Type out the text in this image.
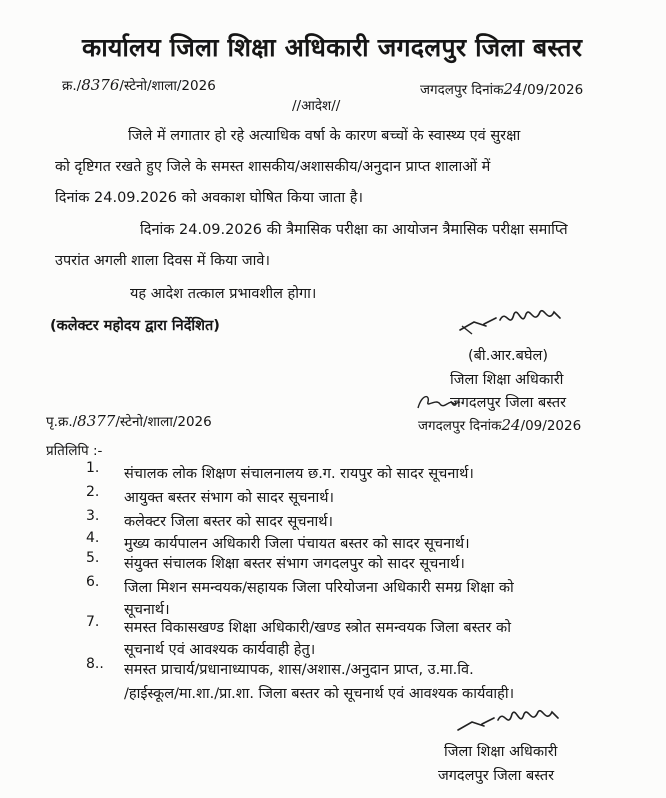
कार्यालय जिला शिक्षा अधिकारी जगदलपुर जिला बस्तर
क्र./8376/स्टेनो/शाला/2026	जगदलपुर दिनांक24/09/2026
//आदेश//
जिले में लगातार हो रहे अत्याधिक वर्षा के कारण बच्चों के स्वास्थ्य एवं सुरक्षा
को दृष्टिगत रखते हुए जिले के समस्त शासकीय/अशासकीय/अनुदान प्राप्त शालाओं में
दिनांक 24.09.2026 को अवकाश घोषित किया जाता है।
दिनांक 24.09.2026 की त्रैमासिक परीक्षा का आयोजन त्रैमासिक परीक्षा समाप्ति
उपरांत अगली शाला दिवस में किया जावे।
यह आदेश तत्काल प्रभावशील होगा।
(कलेक्टर महोदय द्वारा निर्देशित)
(बी.आर.बघेल)
जिला शिक्षा अधिकारी
जगदलपुर जिला बस्तर
पृ.क्र./8377/स्टेनो/शाला/2026	जगदलपुर दिनांक24/09/2026
प्रतिलिपि :-
1. संचालक लोक शिक्षण संचालनालय छ.ग. रायपुर को सादर सूचनार्थ।
2. आयुक्त बस्तर संभाग को सादर सूचनार्थ।
3. कलेक्टर जिला बस्तर को सादर सूचनार्थ।
4. मुख्य कार्यपालन अधिकारी जिला पंचायत बस्तर को सादर सूचनार्थ।
5. संयुक्त संचालक शिक्षा बस्तर संभाग जगदलपुर को सादर सूचनार्थ।
6. जिला मिशन समन्वयक/सहायक जिला परियोजना अधिकारी समग्र शिक्षा को
सूचनार्थ।
7. समस्त विकासखण्ड शिक्षा अधिकारी/खण्ड स्त्रोत समन्वयक जिला बस्तर को
सूचनार्थ एवं आवश्यक कार्यवाही हेतु।
8.. समस्त प्राचार्य/प्रधानाध्यापक, शास/अशास./अनुदान प्राप्त, उ.मा.वि.
/हाईस्कूल/मा.शा./प्रा.शा. जिला बस्तर को सूचनार्थ एवं आवश्यक कार्यवाही।
जिला शिक्षा अधिकारी
जगदलपुर जिला बस्तर
